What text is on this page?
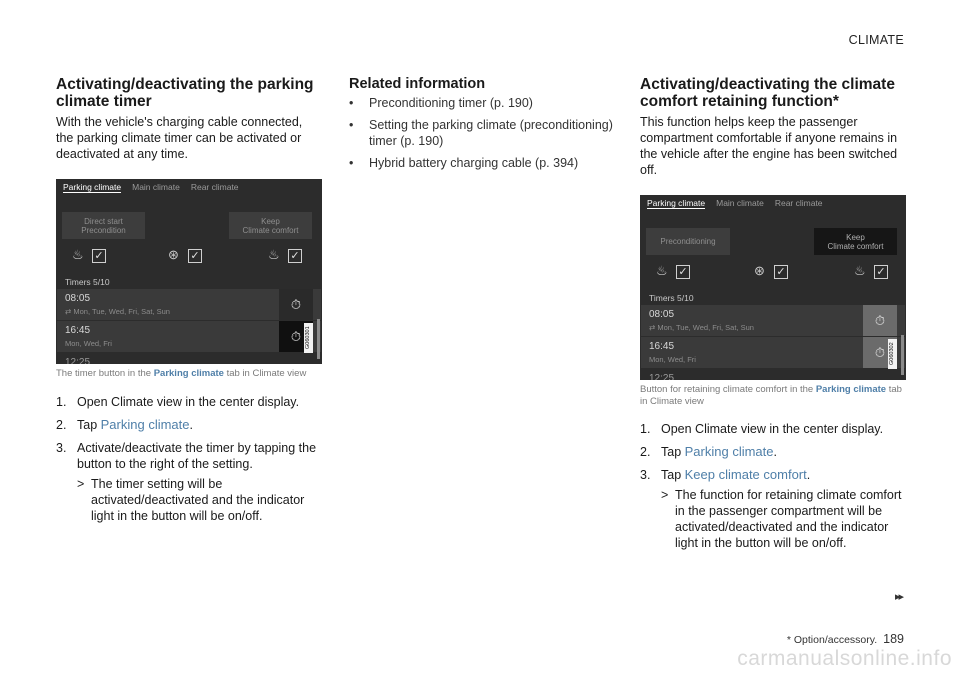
CLIMATE
Activating/deactivating the parking climate timer

With the vehicle's charging cable connected, the parking climate timer can be activated or deactivated at any time.

Parking climate Main climate Rear climate
Direct start
Precondition
Keep
Climate comfort
♨ ✓	⊛ ✓	♨ ✓
Timers 5/10
08:05
⇄ Mon, Tue, Wed, Fri, Sat, Sun	⏱
16:45
Mon, Wed, Fri	⏱ G060301
12:25

The timer button in the Parking climate tab in Climate view

1. Open Climate view in the center display.
2. Tap Parking climate.
3. Activate/deactivate the timer by tapping the button to the right of the setting.
> The timer setting will be activated/deactivated and the indicator light in the button will be on/off.
Related information
• Preconditioning timer (p. 190)
• Setting the parking climate (preconditioning) timer (p. 190)
• Hybrid battery charging cable (p. 394)
Activating/deactivating the climate comfort retaining function*

This function helps keep the passenger compartment comfortable if anyone remains in the vehicle after the engine has been switched off.

Parking climate Main climate Rear climate
Preconditioning	Keep
Climate comfort
♨ ✓	⊛ ✓	♨ ✓
Timers 5/10
08:05
⇄ Mon, Tue, Wed, Fri, Sat, Sun	⏱
16:45
Mon, Wed, Fri	⏱ G060302
12:25

Button for retaining climate comfort in the Parking climate tab in Climate view

1. Open Climate view in the center display.
2. Tap Parking climate.
3. Tap Keep climate comfort.
> The function for retaining climate comfort in the passenger compartment will be activated/deactivated and the indicator light in the button will be on/off.
▸▸
* Option/accessory. 189
carmanualsonline.info
